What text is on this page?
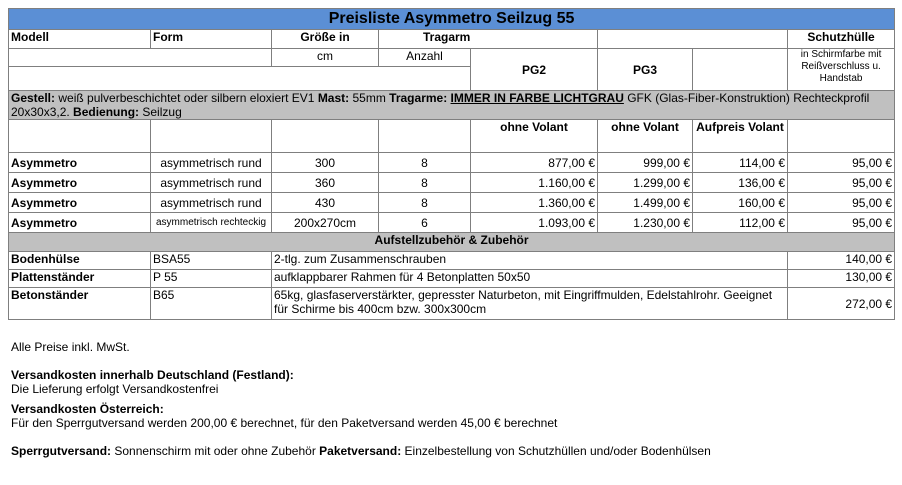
Preisliste Asymmetro Seilzug 55							
Modell	Form	Größe in	Tragarm				Schutzhülle
		cm	Anzahl	PG2	PG3		in Schirmfarbe mit Reißverschluss u. Handstab

Gestell: weiß pulverbeschichtet oder silbern eloxiert EV1 Mast: 55mm Tragarme: IMMER IN FARBE LICHTGRAU GFK (Glas-Fiber-Konstruktion) Rechteckprofil 20x30x3,2. Bedienung: Seilzug							
				ohne Volant	ohne Volant	Aufpreis Volant	
Asymmetro	asymmetrisch rund	300	8	877,00 €	999,00 €	114,00 €	95,00 €
Asymmetro	asymmetrisch rund	360	8	1.160,00 €	1.299,00 €	136,00 €	95,00 €
Asymmetro	asymmetrisch rund	430	8	1.360,00 €	1.499,00 €	160,00 €	95,00 €
Asymmetro	asymmetrisch rechteckig	200x270cm	6	1.093,00 €	1.230,00 €	112,00 €	95,00 €
Aufstellzubehör & Zubehör							
Bodenhülse	BSA55	2-tlg. zum Zusammenschrauben					140,00 €
Plattenständer	P 55	aufklappbarer Rahmen für 4 Betonplatten 50x50					130,00 €
Betonständer	B65	65kg, glasfaserverstärkter, gepresster Naturbeton, mit Eingriffmulden, Edelstahlrohr. Geeignet für Schirme bis 400cm bzw. 300x300cm					272,00 €

Alle Preise inkl. MwSt.

Versandkosten innerhalb Deutschland (Festland):

Die Lieferung erfolgt Versandkostenfrei

Versandkosten Österreich:

Für den Sperrgutversand werden 200,00 € berechnet, für den Paketversand werden 45,00 € berechnet

Sperrgutversand: Sonnenschirm mit oder ohne Zubehör Paketversand: Einzelbestellung von Schutzhüllen und/oder Bodenhülsen
